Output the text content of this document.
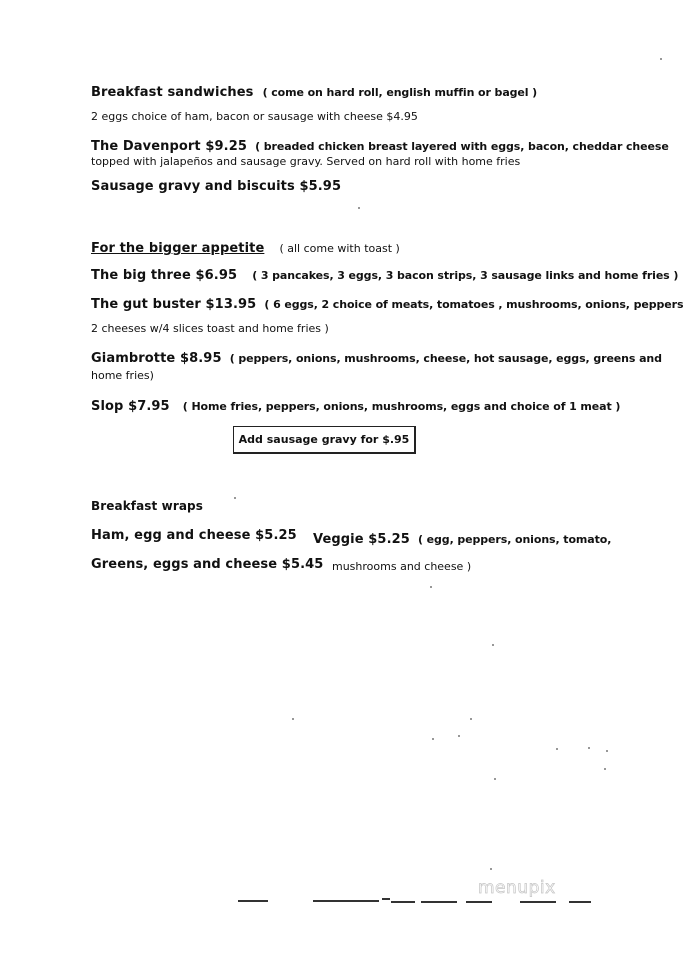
Breakfast sandwiches ( come on hard roll, english muffin or bagel )
2 eggs choice of ham, bacon or sausage with cheese $4.95
The Davenport $9.25 ( breaded chicken breast layered with eggs, bacon, cheddar cheese
topped with jalapeños and sausage gravy. Served on hard roll with home fries
Sausage gravy and biscuits $5.95
For the bigger appetite ( all come with toast )
The big three $6.95 ( 3 pancakes, 3 eggs, 3 bacon strips, 3 sausage links and home fries )
The gut buster $13.95 ( 6 eggs, 2 choice of meats, tomatoes , mushrooms, onions, peppers
2 cheeses w/4 slices toast and home fries )
Giambrotte $8.95 ( peppers, onions, mushrooms, cheese, hot sausage, eggs, greens and
home fries)
Slop $7.95 ( Home fries, peppers, onions, mushrooms, eggs and choice of 1 meat )
Add sausage gravy for $.95
Breakfast wraps
Ham, egg and cheese $5.25 Veggie $5.25 ( egg, peppers, onions, tomato,
Greens, eggs and cheese $5.45 mushrooms and cheese )
menupix
